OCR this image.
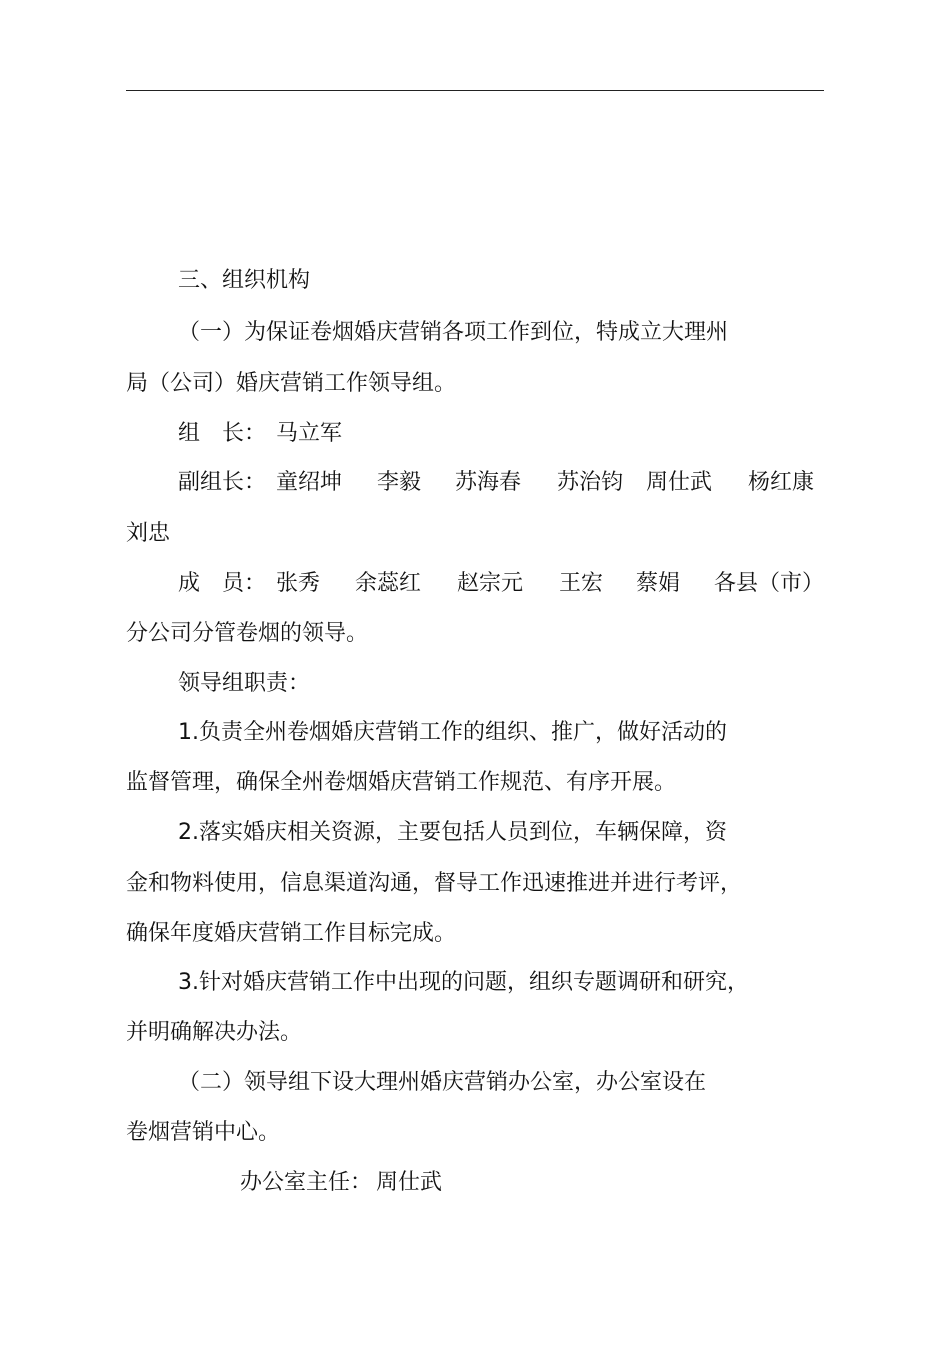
三、组织机构
（一）为保证卷烟婚庆营销各项工作到位，特成立大理州
局（公司）婚庆营销工作领导组。
组　长： 马立军
副组长： 童绍坤 李毅 苏海春 苏治钧 周仕武 杨红康
刘忠
成　员： 张秀 余蕊红 赵宗元 王宏 蔡娟 各县（市）
分公司分管卷烟的领导。
领导组职责：
1.负责全州卷烟婚庆营销工作的组织、推广，做好活动的
监督管理，确保全州卷烟婚庆营销工作规范、有序开展。
2.落实婚庆相关资源，主要包括人员到位，车辆保障，资
金和物料使用，信息渠道沟通，督导工作迅速推进并进行考评，
确保年度婚庆营销工作目标完成。
3.针对婚庆营销工作中出现的问题，组织专题调研和研究，
并明确解决办法。
（二）领导组下设大理州婚庆营销办公室，办公室设在
卷烟营销中心。
办公室主任： 周仕武
